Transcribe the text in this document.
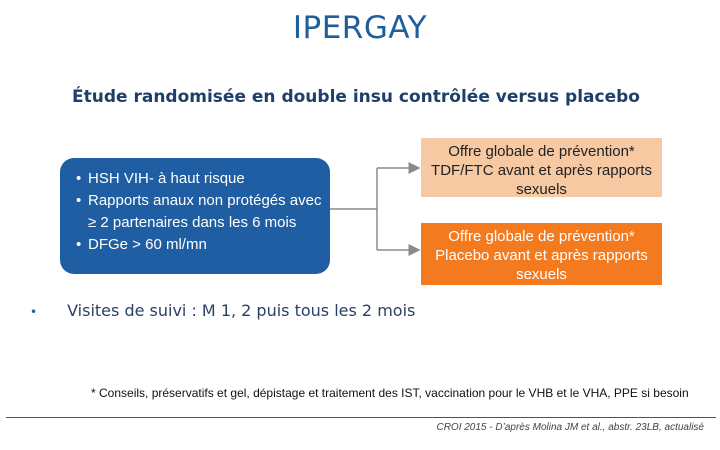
IPERGAY
Étude randomisée en double insu contrôlée versus placebo
• HSH VIH- à haut risque
• Rapports anaux non protégés avec ≥ 2 partenaires dans les 6 mois
• DFGe > 60 ml/mn
Offre globale de prévention* TDF/FTC avant et après rapports sexuels
Offre globale de prévention* Placebo avant et après rapports sexuels
• Visites de suivi : M 1, 2 puis tous les 2 mois
* Conseils, préservatifs et gel, dépistage et traitement des IST, vaccination pour le VHB et le VHA, PPE si besoin
CROI 2015 - D’après Molina JM et al., abstr. 23LB, actualisé
